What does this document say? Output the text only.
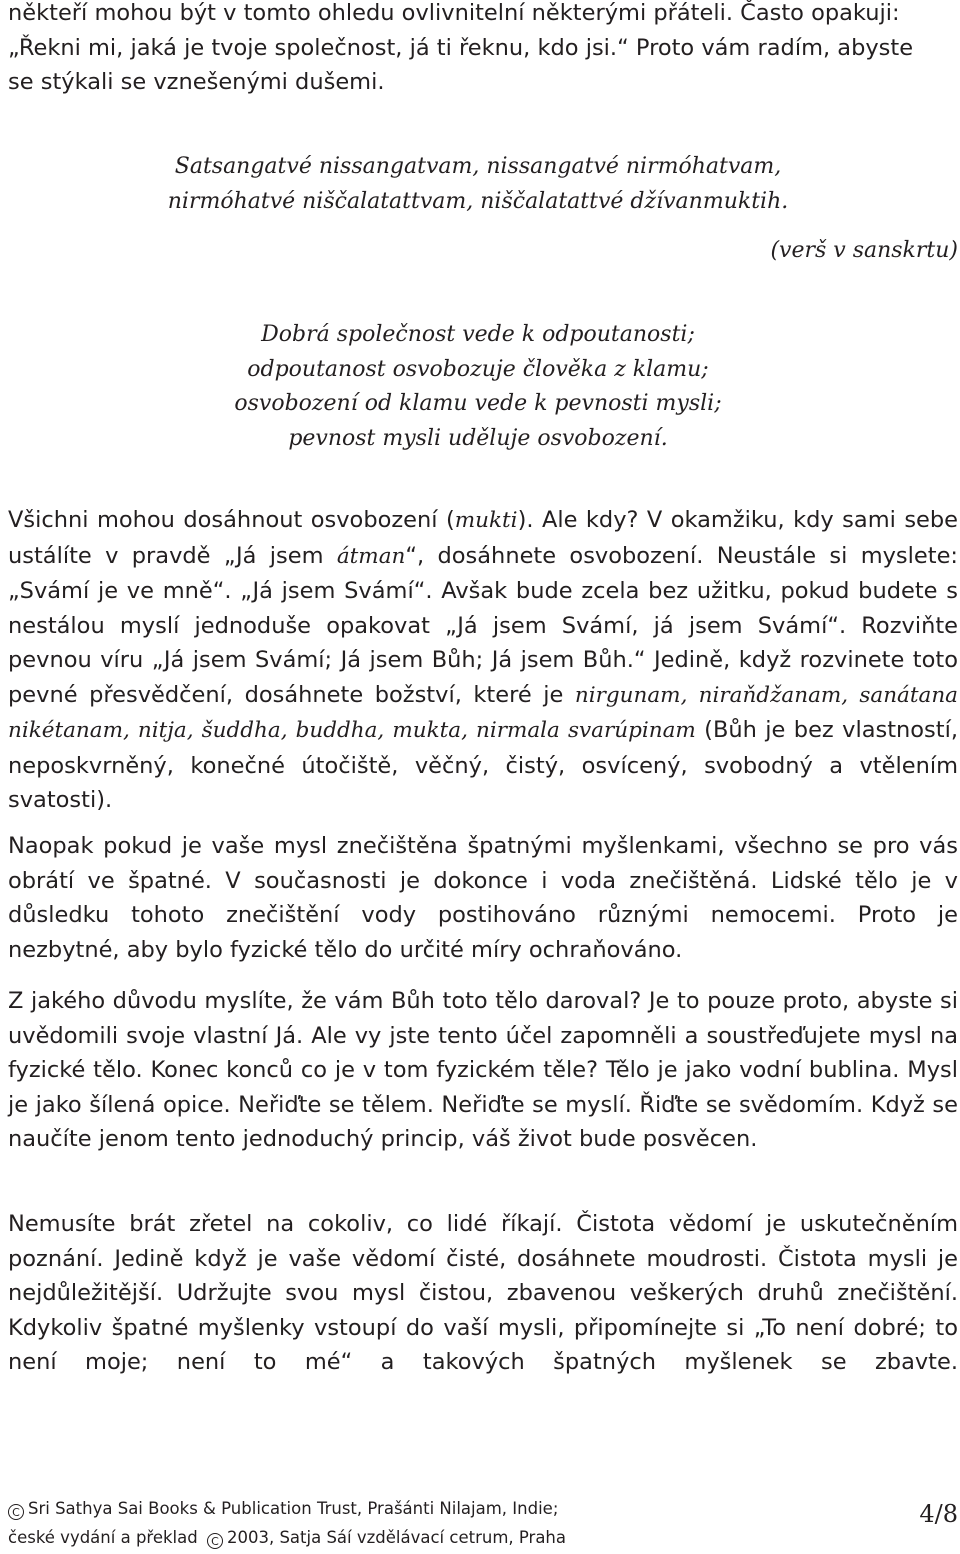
někteří mohou být v tomto ohledu ovlivnitelní některými přáteli. Často opakuji:
„Řekni mi, jaká je tvoje společnost, já ti řeknu, kdo jsi.“ Proto vám radím, abyste
se stýkali se vznešenými dušemi.
Satsangatvé nissangatvam, nissangatvé nirmóhatvam,
nirmóhatvé niščalatattvam, niščalatattvé džívanmuktih.
(verš v sanskrtu)
Dobrá společnost vede k odpoutanosti;
odpoutanost osvobozuje člověka z klamu;
osvobození od klamu vede k pevnosti mysli;
pevnost mysli uděluje osvobození.

Všichni mohou dosáhnout osvobození (mukti). Ale kdy? V okamžiku, kdy sami sebe ustálíte v pravdě „Já jsem átman“, dosáhnete osvobození. Neustále si myslete: „Svámí je ve mně“. „Já jsem Svámí“. Avšak bude zcela bez užitku, pokud budete s nestálou myslí jednoduše opakovat „Já jsem Svámí, já jsem Svámí“. Rozviňte pevnou víru „Já jsem Svámí; Já jsem Bůh; Já jsem Bůh.“ Jedině, když rozvinete toto pevné přesvědčení, dosáhnete božství, které je nirgunam, niraňdžanam, sanátana nikétanam, nitja, šuddha, buddha, mukta, nirmala svarúpinam (Bůh je bez vlastností, neposkvrněný, konečné útočiště, věčný, čistý, osvícený, svobodný a vtělením svatosti).

Naopak pokud je vaše mysl znečištěna špatnými myšlenkami, všechno se pro vás obrátí ve špatné. V současnosti je dokonce i voda znečištěná. Lidské tělo je v důsledku tohoto znečištění vody postihováno různými nemocemi. Proto je nezbytné, aby bylo fyzické tělo do určité míry ochraňováno.

Z jakého důvodu myslíte, že vám Bůh toto tělo daroval? Je to pouze proto, abyste si uvědomili svoje vlastní Já. Ale vy jste tento účel zapomněli a soustřeďujete mysl na fyzické tělo. Konec konců co je v tom fyzickém těle? Tělo je jako vodní bublina. Mysl je jako šílená opice. Neřiďte se tělem. Neřiďte se myslí. Řiďte se svědomím. Když se naučíte jenom tento jednoduchý princip, váš život bude posvěcen.

Nemusíte brát zřetel na cokoliv, co lidé říkají. Čistota vědomí je uskutečněním poznání. Jedině když je vaše vědomí čisté, dosáhnete moudrosti. Čistota mysli je nejdůležitější. Udržujte svou mysl čistou, zbavenou veškerých druhů znečištění. Kdykoliv špatné myšlenky vstoupí do vaší mysli, připomínejte si „To není dobré; to není moje; není to mé“ a takových špatných myšlenek se zbavte.

C Sri Sathya Sai Books & Publication Trust, Prašánti Nilajam, Indie;
české vydání a překlad C 2003, Satja Sáí vzdělávací cetrum, Praha
4/8
